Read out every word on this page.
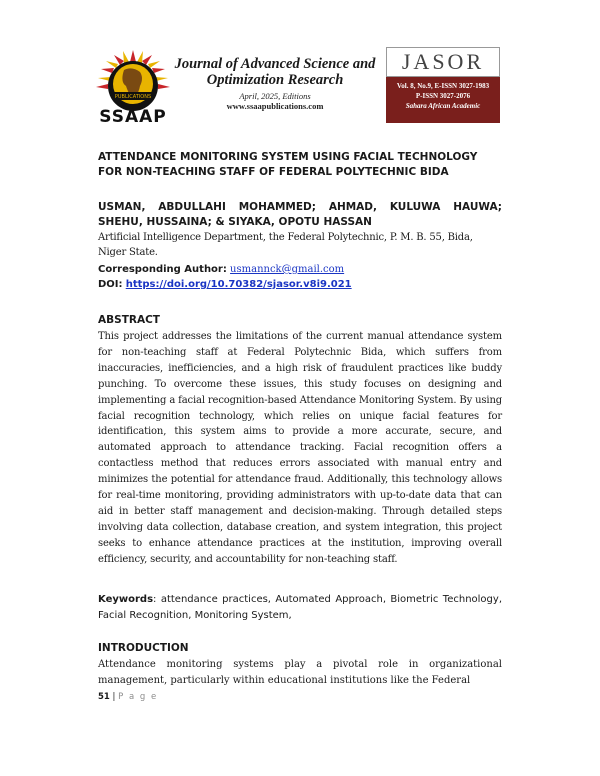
PUBLICATIONS
SSAAP
Journal of Advanced Science and Optimization Research
April, 2025, Editions
www.ssaapublications.com
JASOR
Vol. 8, No.9, E-ISSN 3027-1983
P-ISSN 3027-2076
Sahara African Academic
ATTENDANCE MONITORING SYSTEM USING FACIAL TECHNOLOGY FOR NON-TEACHING STAFF OF FEDERAL POLYTECHNIC BIDA
USMAN, ABDULLAHI MOHAMMED; AHMAD, KULUWA HAUWA; SHEHU, HUSSAINA; & SIYAKA, OPOTU HASSAN
Artificial Intelligence Department, the Federal Polytechnic, P. M. B. 55, Bida, Niger State.
Corresponding Author: usmannck@gmail.com
DOI: https://doi.org/10.70382/sjasor.v8i9.021
ABSTRACT
This project addresses the limitations of the current manual attendance system for non-teaching staff at Federal Polytechnic Bida, which suffers from inaccuracies, inefficiencies, and a high risk of fraudulent practices like buddy punching. To overcome these issues, this study focuses on designing and implementing a facial recognition-based Attendance Monitoring System. By using facial recognition technology, which relies on unique facial features for identification, this system aims to provide a more accurate, secure, and automated approach to attendance tracking. Facial recognition offers a contactless method that reduces errors associated with manual entry and minimizes the potential for attendance fraud. Additionally, this technology allows for real-time monitoring, providing administrators with up-to-date data that can aid in better staff management and decision-making. Through detailed steps involving data collection, database creation, and system integration, this project seeks to enhance attendance practices at the institution, improving overall efficiency, security, and accountability for non-teaching staff.
Keywords: attendance practices, Automated Approach, Biometric Technology, Facial Recognition, Monitoring System,
INTRODUCTION
Attendance monitoring systems play a pivotal role in organizational management, particularly within educational institutions like the Federal
51 | P a g e
